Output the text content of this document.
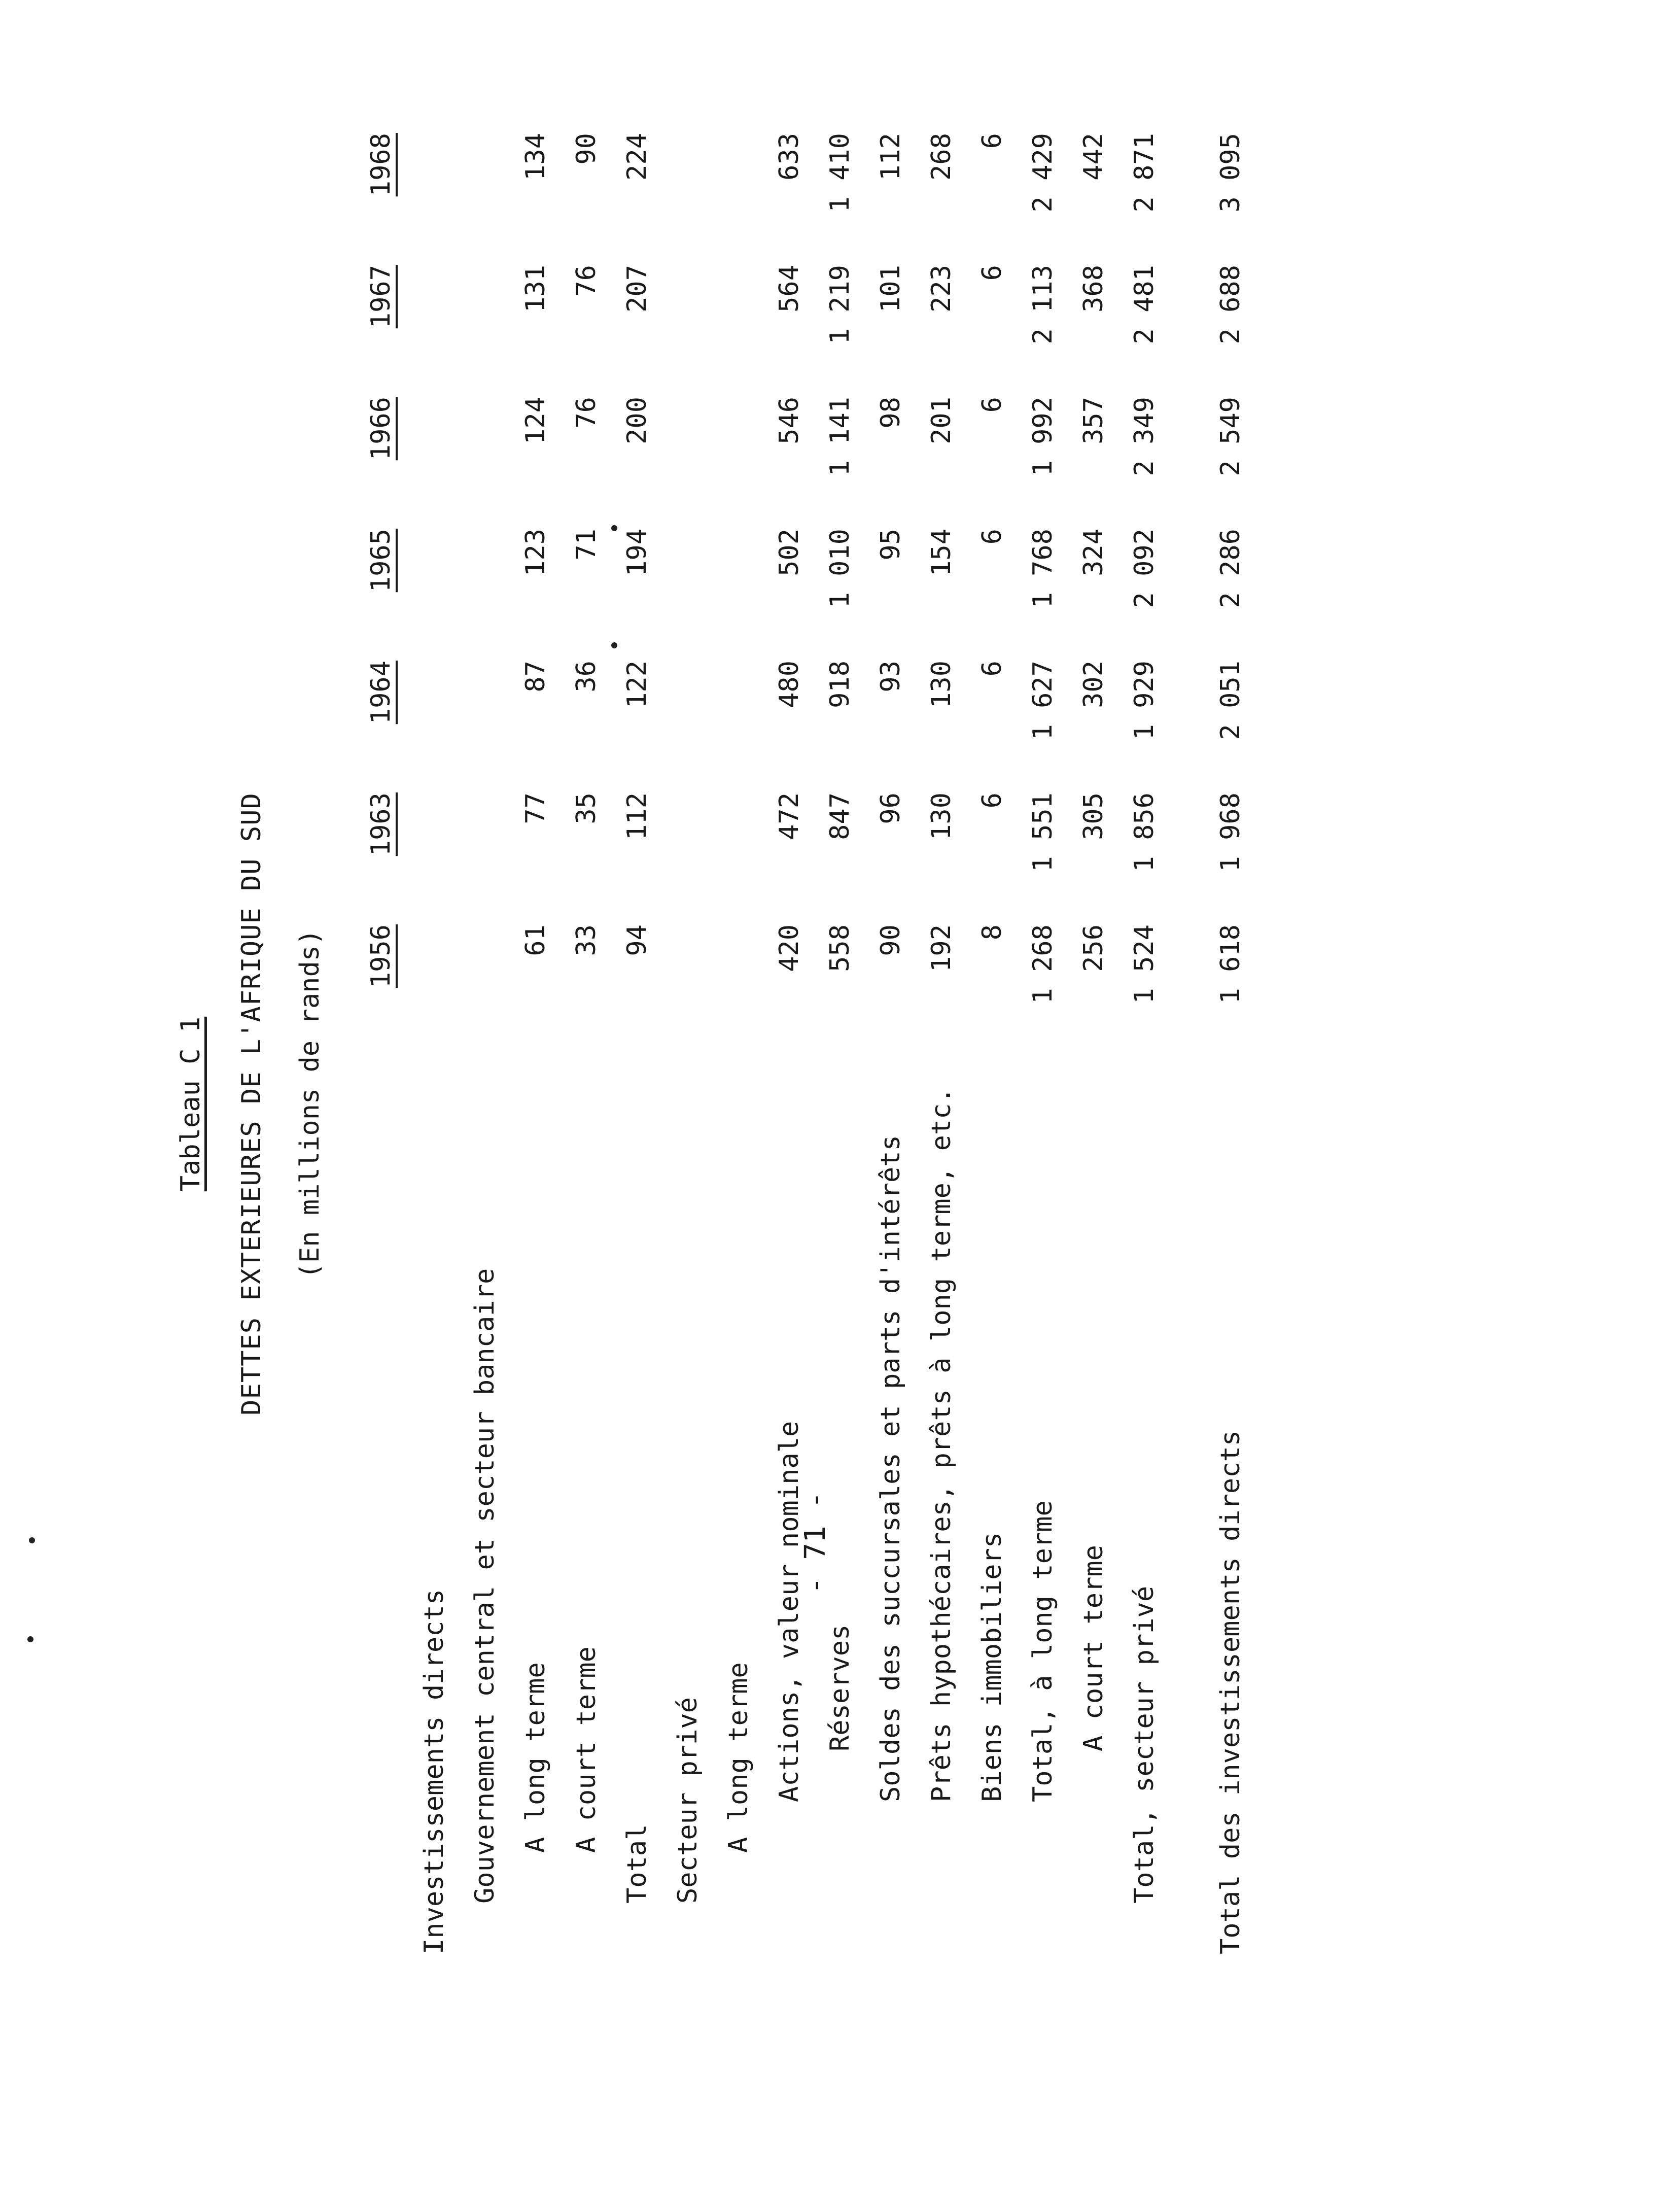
Tableau C 1 DETTES EXTERIEURES DE L'AFRIQUE DU SUD (En millions de rands) 1956
1963
1964
1965
1966
1967
1968

Investissements directs

Gouvernement central et secteur bancaire

A long terme

61

77

87

123

124

131

134

A court terme

33

35

36

71

76

76

90

Total

94

112

122

194

200

207

224

Secteur privé

A long terme

Actions, valeur nominale

420

472

480

502

546

564

633

Réserves

558

847

918

1 010

1 141

1 219

1 410

Soldes des succursales et parts d'intérêts

90

96

93

95

98

101

112

Prêts hypothécaires, prêts à long terme, etc.

192

130

130

154

201

223

268

Biens immobiliers

8

6

6

6

6

6

6

Total, à long terme

1 268

1 551

1 627

1 768

1 992

2 113

2 429

A court terme

256

305

302

324

357

368

442

Total, secteur privé

1 524

1 856

1 929

2 092

2 349

2 481

2 871

Total des investissements directs

1 618

1 968

2 051

2 286

2 549

2 688

3 095

- 71 -
